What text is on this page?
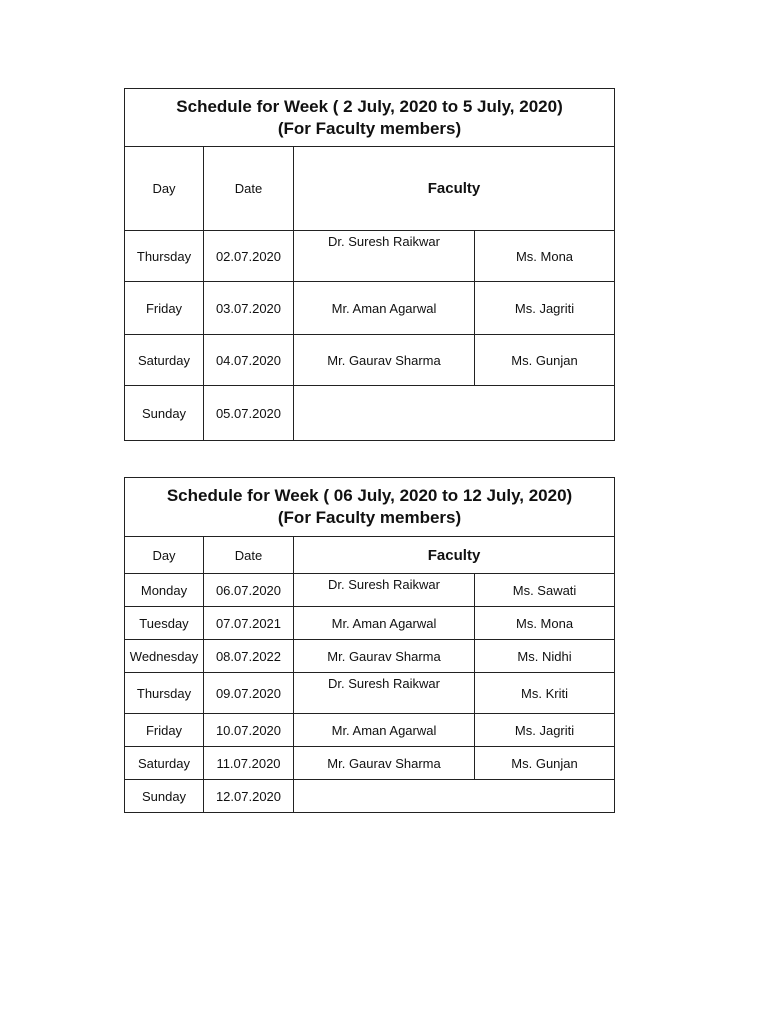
Schedule for Week ( 2 July, 2020 to 5 July, 2020)
(For Faculty members)			

Day	Date	Faculty	
Thursday	02.07.2020	Dr. Suresh Raikwar	Ms. Mona
Friday	03.07.2020	Mr. Aman Agarwal	Ms. Jagriti
Saturday	04.07.2020	Mr. Gaurav Sharma	Ms. Gunjan
Sunday	05.07.2020		
Schedule for Week ( 06 July, 2020 to 12 July, 2020)
(For Faculty members)			

Day	Date	Faculty	
Monday	06.07.2020	Dr. Suresh Raikwar	Ms. Sawati
Tuesday	07.07.2021	Mr. Aman Agarwal	Ms. Mona
Wednesday	08.07.2022	Mr. Gaurav Sharma	Ms. Nidhi
Thursday	09.07.2020	Dr. Suresh Raikwar	Ms. Kriti
Friday	10.07.2020	Mr. Aman Agarwal	Ms. Jagriti
Saturday	11.07.2020	Mr. Gaurav Sharma	Ms. Gunjan
Sunday	12.07.2020		
